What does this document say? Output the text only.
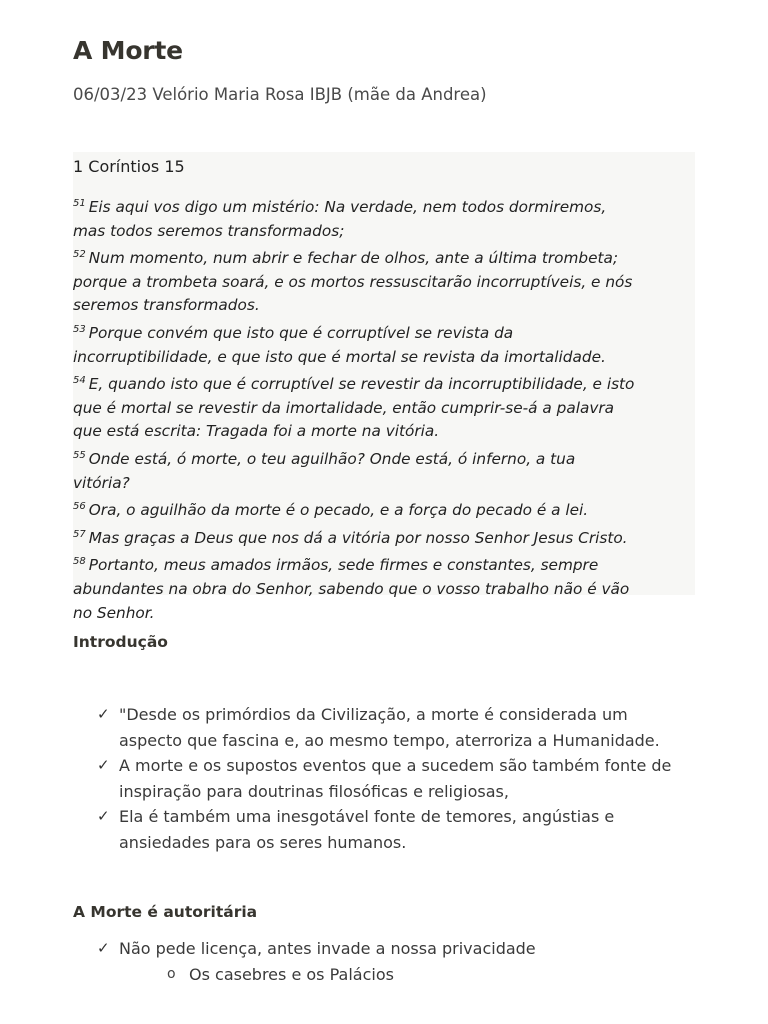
A Morte

06/03/23 Velório Maria Rosa IBJB (mãe da Andrea)

1 Coríntios 15
$^{51}$ Eis aqui vos digo um mistério: Na verdade, nem todos dormiremos,
mas todos seremos transformados;
$^{52}$ Num momento, num abrir e fechar de olhos, ante a última trombeta;
porque a trombeta soará, e os mortos ressuscitarão incorruptíveis, e nós
seremos transformados.
$^{53}$ Porque convém que isto que é corruptível se revista da
incorruptibilidade, e que isto que é mortal se revista da imortalidade.
$^{54}$ E, quando isto que é corruptível se revestir da incorruptibilidade, e isto
que é mortal se revestir da imortalidade, então cumprir-se-á a palavra
que está escrita: Tragada foi a morte na vitória.
$^{55}$ Onde está, ó morte, o teu aguilhão? Onde está, ó inferno, a tua
vitória?
$^{56}$ Ora, o aguilhão da morte é o pecado, e a força do pecado é a lei.
$^{57}$ Mas graças a Deus que nos dá a vitória por nosso Senhor Jesus Cristo.
$^{58}$ Portanto, meus amados irmãos, sede firmes e constantes, sempre
abundantes na obra do Senhor, sabendo que o vosso trabalho não é vão
no Senhor.
Introdução
✓ "Desde os primórdios da Civilização, a morte é considerada um
aspecto que fascina e, ao mesmo tempo, aterroriza a Humanidade.
✓ A morte e os supostos eventos que a sucedem são também fonte de
inspiração para doutrinas filosóficas e religiosas,
✓ Ela é também uma inesgotável fonte de temores, angústias e
ansiedades para os seres humanos.
A Morte é autoritária
✓ Não pede licença, antes invade a nossa privacidade
o Os casebres e os Palácios
